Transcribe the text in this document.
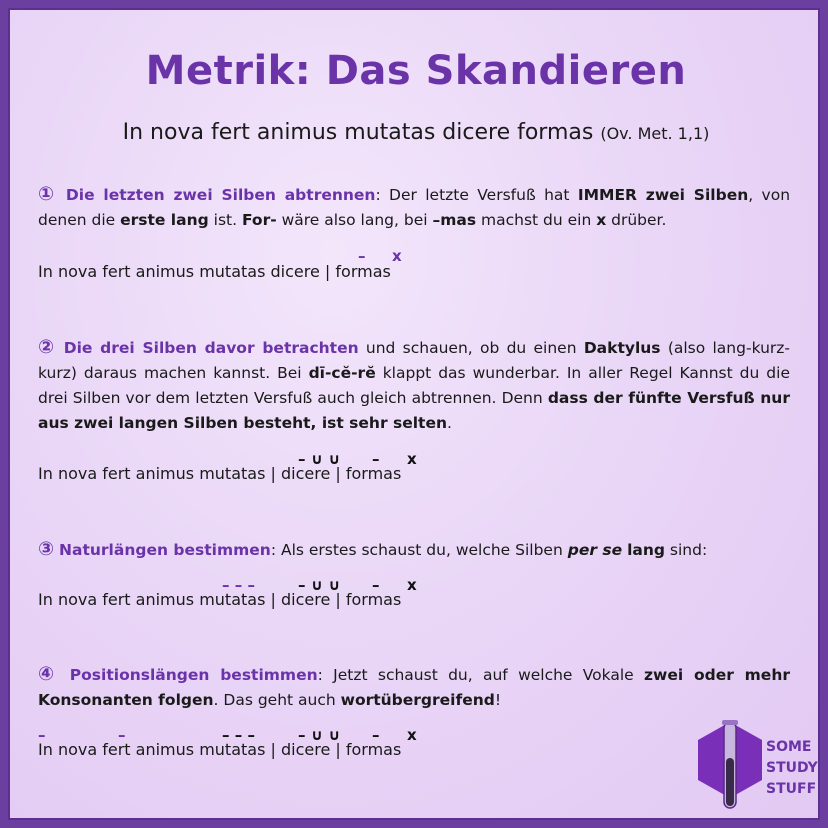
Metrik: Das Skandieren
In nova fert animus mutatas dicere formas (Ov. Met. 1,1)
① Die letzten zwei Silben abtrennen: Der letzte Versfuß hat IMMER zwei Silben, von denen die erste lang ist. For- wäre also lang, bei –mas machst du ein x drüber.
– x
In nova fert animus mutatas dicere | formas
② Die drei Silben davor betrachten und schauen, ob du einen Daktylus (also lang-kurz-kurz) daraus machen kannst. Bei dī-cĕ-rĕ klappt das wunderbar. In aller Regel Kannst du die drei Silben vor dem letzten Versfuß auch gleich abtrennen. Denn dass der fünfte Versfuß nur aus zwei langen Silben besteht, ist sehr selten.
– ∪ ∪ – x
In nova fert animus mutatas | dicere | formas
③ Naturlängen bestimmen: Als erstes schaust du, welche Silben per se lang sind:
– – –	– ∪ ∪ – x
In nova fert animus mutatas | dicere | formas
④ Positionslängen bestimmen: Jetzt schaust du, auf welche Vokale zwei oder mehr Konsonanten folgen. Das geht auch wortübergreifend!
–	–	– – –	– ∪ ∪ – x
In nova fert animus mutatas | dicere | formas	SOME
STUDY
STUFF
